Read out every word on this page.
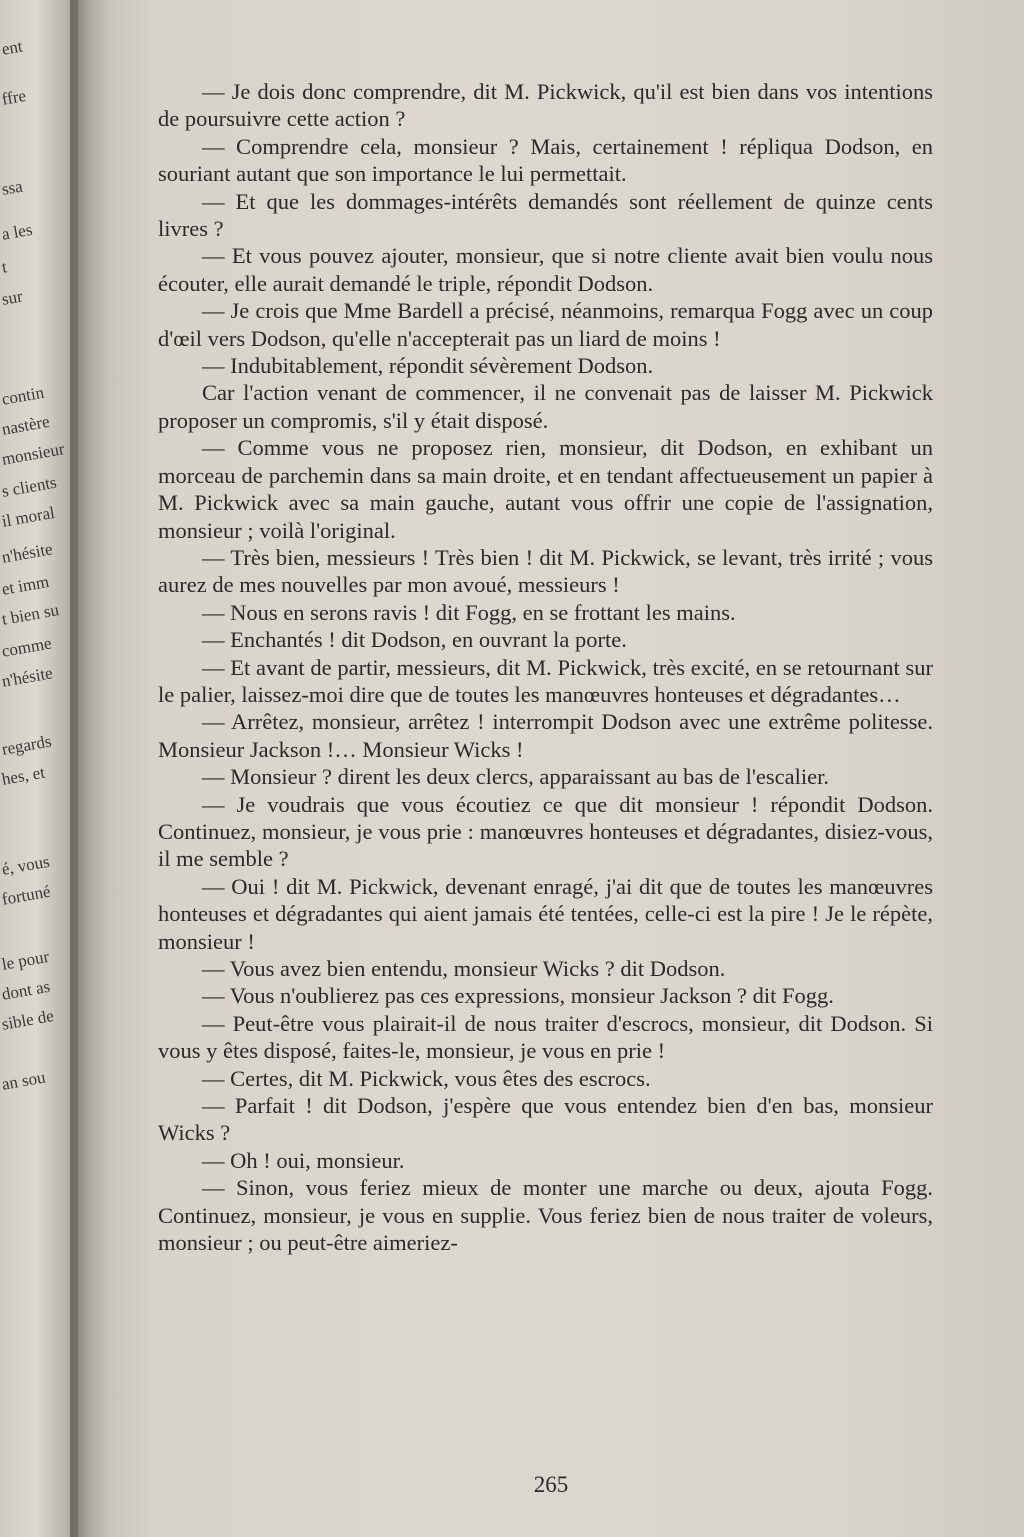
sur
ent
ffre
ssa
a les
t
contin
nastère
monsieur
s clients
il moral
n'hésite
et imm
t bien su
comme
n'hésite
regards
hes, et
é, vous
fortuné
le pour
dont as
sible de
an sou

— Je dois donc comprendre, dit M. Pickwick, qu'il est bien dans vos intentions de poursuivre cette action ?

— Comprendre cela, monsieur ? Mais, certainement ! répliqua Dodson, en souriant autant que son importance le lui permettait.

— Et que les dommages-intérêts demandés sont réellement de quinze cents livres ?

— Et vous pouvez ajouter, monsieur, que si notre cliente avait bien voulu nous écouter, elle aurait demandé le triple, répondit Dodson.

— Je crois que Mme Bardell a précisé, néanmoins, remarqua Fogg avec un coup d'œil vers Dodson, qu'elle n'accepterait pas un liard de moins !

— Indubitablement, répondit sévèrement Dodson.

Car l'action venant de commencer, il ne convenait pas de laisser M. Pickwick proposer un compromis, s'il y était disposé.

— Comme vous ne proposez rien, monsieur, dit Dodson, en exhibant un morceau de parchemin dans sa main droite, et en tendant affectueusement un papier à M. Pickwick avec sa main gauche, autant vous offrir une copie de l'assignation, monsieur ; voilà l'original.

— Très bien, messieurs ! Très bien ! dit M. Pickwick, se levant, très irrité ; vous aurez de mes nouvelles par mon avoué, messieurs !

— Nous en serons ravis ! dit Fogg, en se frottant les mains.

— Enchantés ! dit Dodson, en ouvrant la porte.

— Et avant de partir, messieurs, dit M. Pickwick, très excité, en se retournant sur le palier, laissez-moi dire que de toutes les manœuvres honteuses et dégradantes…

— Arrêtez, monsieur, arrêtez ! interrompit Dodson avec une extrême politesse. Monsieur Jackson !… Monsieur Wicks !

— Monsieur ? dirent les deux clercs, apparaissant au bas de l'escalier.

— Je voudrais que vous écoutiez ce que dit monsieur ! répondit Dodson. Continuez, monsieur, je vous prie : manœuvres honteuses et dégradantes, disiez-vous, il me semble ?

— Oui ! dit M. Pickwick, devenant enragé, j'ai dit que de toutes les manœuvres honteuses et dégradantes qui aient jamais été tentées, celle-ci est la pire ! Je le répète, monsieur !

— Vous avez bien entendu, monsieur Wicks ? dit Dodson.

— Vous n'oublierez pas ces expressions, monsieur Jackson ? dit Fogg.

— Peut-être vous plairait-il de nous traiter d'escrocs, monsieur, dit Dodson. Si vous y êtes disposé, faites-le, monsieur, je vous en prie !

— Certes, dit M. Pickwick, vous êtes des escrocs.

— Parfait ! dit Dodson, j'espère que vous entendez bien d'en bas, monsieur Wicks ?

— Oh ! oui, monsieur.

— Sinon, vous feriez mieux de monter une marche ou deux, ajouta Fogg. Continuez, monsieur, je vous en supplie. Vous feriez bien de nous traiter de voleurs, monsieur ; ou peut-être aimeriez-

265
